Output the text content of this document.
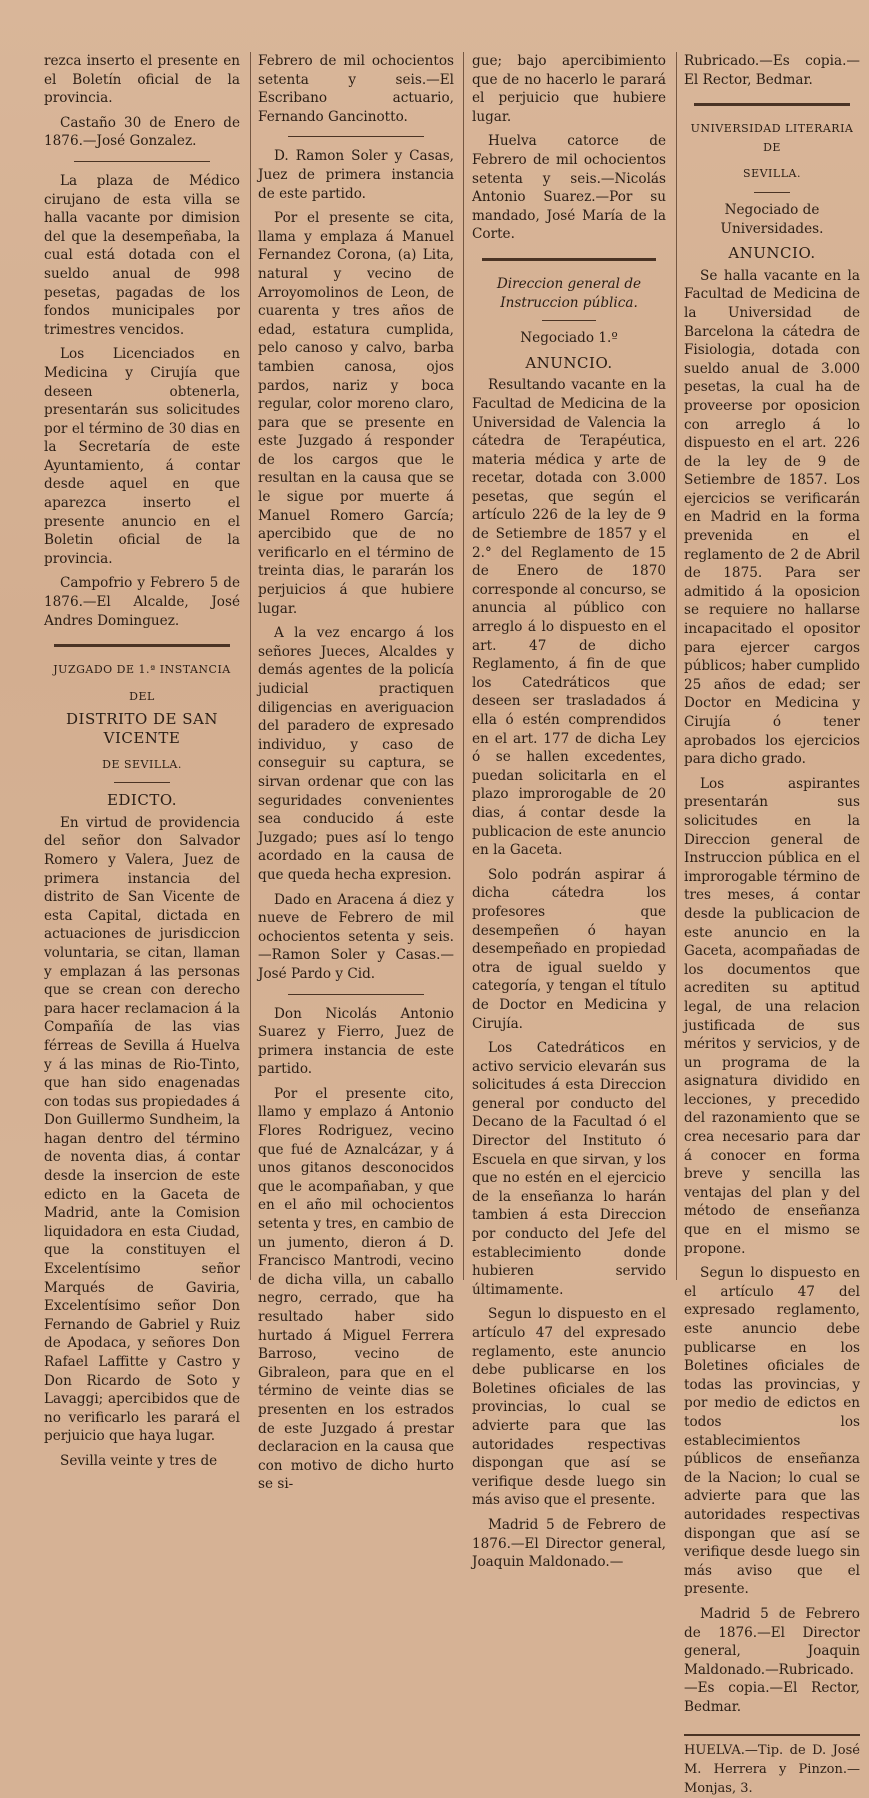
rezca inserto el presente en el Boletín oficial de la provincia.

Castaño 30 de Enero de 1876.—José Gonzalez.

La plaza de Médico cirujano de esta villa se halla vacante por dimision del que la desempeñaba, la cual está dotada con el sueldo anual de 998 pesetas, pagadas de los fondos municipales por trimestres vencidos.

Los Licenciados en Medicina y Cirujía que deseen obtenerla, presentarán sus solicitudes por el término de 30 dias en la Secretaría de este Ayuntamiento, á contar desde aquel en que aparezca inserto el presente anuncio en el Boletin oficial de la provincia.

Campofrio y Febrero 5 de 1876.—El Alcalde, José Andres Dominguez.

JUZGADO DE 1.ª INSTANCIA
DEL
DISTRITO DE SAN VICENTE
DE SEVILLA.
EDICTO.

En virtud de providencia del señor don Salvador Romero y Valera, Juez de primera instancia del distrito de San Vicente de esta Capital, dictada en actuaciones de jurisdiccion voluntaria, se citan, llaman y emplazan á las personas que se crean con derecho para hacer reclamacion á la Compañía de las vias férreas de Sevilla á Huelva y á las minas de Rio-Tinto, que han sido enagenadas con todas sus propiedades á Don Guillermo Sundheim, la hagan dentro del término de noventa dias, á contar desde la insercion de este edicto en la Gaceta de Madrid, ante la Comision liquidadora en esta Ciudad, que la constituyen el Excelentísimo señor Marqués de Gaviria, Excelentísimo señor Don Fernando de Gabriel y Ruiz de Apodaca, y señores Don Rafael Laffitte y Castro y Don Ricardo de Soto y Lavaggi; apercibidos que de no verificarlo les parará el perjuicio que haya lugar.

Sevilla veinte y tres de

Febrero de mil ochocientos setenta y seis.—El Escribano actuario, Fernando Gancinotto.

D. Ramon Soler y Casas, Juez de primera instancia de este partido.

Por el presente se cita, llama y emplaza á Manuel Fernandez Corona, (a) Lita, natural y vecino de Arroyomolinos de Leon, de cuarenta y tres años de edad, estatura cumplida, pelo canoso y calvo, barba tambien canosa, ojos pardos, nariz y boca regular, color moreno claro, para que se presente en este Juzgado á responder de los cargos que le resultan en la causa que se le sigue por muerte á Manuel Romero García; apercibido que de no verificarlo en el término de treinta dias, le pararán los perjuicios á que hubiere lugar.

A la vez encargo á los señores Jueces, Alcaldes y demás agentes de la policía judicial practiquen diligencias en averiguacion del paradero de expresado individuo, y caso de conseguir su captura, se sirvan ordenar que con las seguridades convenientes sea conducido á este Juzgado; pues así lo tengo acordado en la causa de que queda hecha expresion.

Dado en Aracena á diez y nueve de Febrero de mil ochocientos setenta y seis.—Ramon Soler y Casas.—José Pardo y Cid.

Don Nicolás Antonio Suarez y Fierro, Juez de primera instancia de este partido.

Por el presente cito, llamo y emplazo á Antonio Flores Rodriguez, vecino que fué de Aznalcázar, y á unos gitanos desconocidos que le acompañaban, y que en el año mil ochocientos setenta y tres, en cambio de un jumento, dieron á D. Francisco Mantrodi, vecino de dicha villa, un caballo negro, cerrado, que ha resultado haber sido hurtado á Miguel Ferrera Barroso, vecino de Gibraleon, para que en el término de veinte dias se presenten en los estrados de este Juzgado á prestar declaracion en la causa que con motivo de dicho hurto se si-

gue; bajo apercibimiento que de no hacerlo le parará el perjuicio que hubiere lugar.

Huelva catorce de Febrero de mil ochocientos setenta y seis.—Nicolás Antonio Suarez.—Por su mandado, José María de la Corte.

Direccion general de Instruccion pública.

Negociado 1.º

ANUNCIO.

Resultando vacante en la Facultad de Medicina de la Universidad de Valencia la cátedra de Terapéutica, materia médica y arte de recetar, dotada con 3.000 pesetas, que según el artículo 226 de la ley de 9 de Setiembre de 1857 y el 2.° del Reglamento de 15 de Enero de 1870 corresponde al concurso, se anuncia al público con arreglo á lo dispuesto en el art. 47 de dicho Reglamento, á fin de que los Catedráticos que deseen ser trasladados á ella ó estén comprendidos en el art. 177 de dicha Ley ó se hallen excedentes, puedan solicitarla en el plazo improrogable de 20 dias, á contar desde la publicacion de este anuncio en la Gaceta.

Solo podrán aspirar á dicha cátedra los profesores que desempeñen ó hayan desempeñado en propiedad otra de igual sueldo y categoría, y tengan el título de Doctor en Medicina y Cirujía.

Los Catedráticos en activo servicio elevarán sus solicitudes á esta Direccion general por conducto del Decano de la Facultad ó el Director del Instituto ó Escuela en que sirvan, y los que no estén en el ejercicio de la enseñanza lo harán tambien á esta Direccion por conducto del Jefe del establecimiento donde hubieren servido últimamente.

Segun lo dispuesto en el artículo 47 del expresado reglamento, este anuncio debe publicarse en los Boletines oficiales de las provincias, lo cual se advierte para que las autoridades respectivas dispongan que así se verifique desde luego sin más aviso que el presente.

Madrid 5 de Febrero de 1876.—El Director general, Joaquin Maldonado.—

Rubricado.—Es copia.—El Rector, Bedmar.

UNIVERSIDAD LITERARIA DE
SEVILLA.

Negociado de Universidades.

ANUNCIO.

Se halla vacante en la Facultad de Medicina de la Universidad de Barcelona la cátedra de Fisiologia, dotada con sueldo anual de 3.000 pesetas, la cual ha de proveerse por oposicion con arreglo á lo dispuesto en el art. 226 de la ley de 9 de Setiembre de 1857. Los ejercicios se verificarán en Madrid en la forma prevenida en el reglamento de 2 de Abril de 1875. Para ser admitido á la oposicion se requiere no hallarse incapacitado el opositor para ejercer cargos públicos; haber cumplido 25 años de edad; ser Doctor en Medicina y Cirujía ó tener aprobados los ejercicios para dicho grado.

Los aspirantes presentarán sus solicitudes en la Direccion general de Instruccion pública en el improrogable término de tres meses, á contar desde la publicacion de este anuncio en la Gaceta, acompañadas de los documentos que acrediten su aptitud legal, de una relacion justificada de sus méritos y servicios, y de un programa de la asignatura dividido en lecciones, y precedido del razonamiento que se crea necesario para dar á conocer en forma breve y sencilla las ventajas del plan y del método de enseñanza que en el mismo se propone.

Segun lo dispuesto en el artículo 47 del expresado reglamento, este anuncio debe publicarse en los Boletines oficiales de todas las provincias, y por medio de edictos en todos los establecimientos públicos de enseñanza de la Nacion; lo cual se advierte para que las autoridades respectivas dispongan que así se verifique desde luego sin más aviso que el presente.

Madrid 5 de Febrero de 1876.—El Director general, Joaquin Maldonado.—Rubricado.—Es copia.—El Rector, Bedmar.

HUELVA.—Tip. de D. José M. Herrera y Pinzon.—Monjas, 3.
